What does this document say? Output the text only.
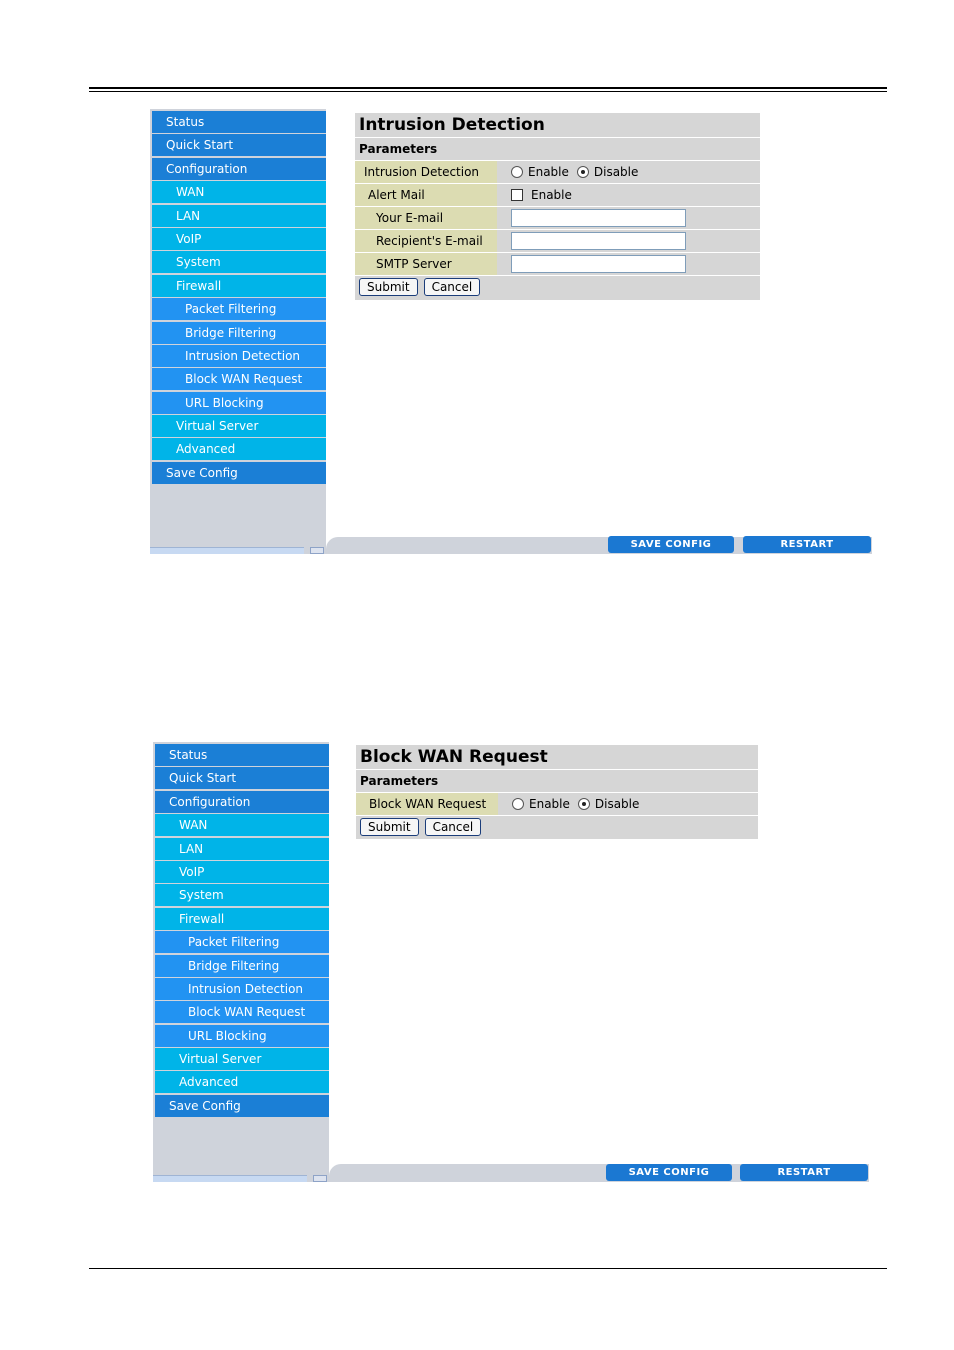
Status
Quick Start
Configuration
WAN
LAN
VoIP
System
Firewall
Packet Filtering
Bridge Filtering
Intrusion Detection
Block WAN Request
URL Blocking
Virtual Server
Advanced
Save Config
SAVE CONFIG	RESTART
Intrusion Detection
Parameters
Intrusion Detection	Enable Disable
Alert Mail	Enable
Your E-mail
Recipient's E-mail
SMTP Server
Submit	Cancel
Status
Quick Start
Configuration
WAN
LAN
VoIP
System
Firewall
Packet Filtering
Bridge Filtering
Intrusion Detection
Block WAN Request
URL Blocking
Virtual Server
Advanced
Save Config
SAVE CONFIG	RESTART
Block WAN Request
Parameters
Block WAN Request	Enable Disable
Submit	Cancel
